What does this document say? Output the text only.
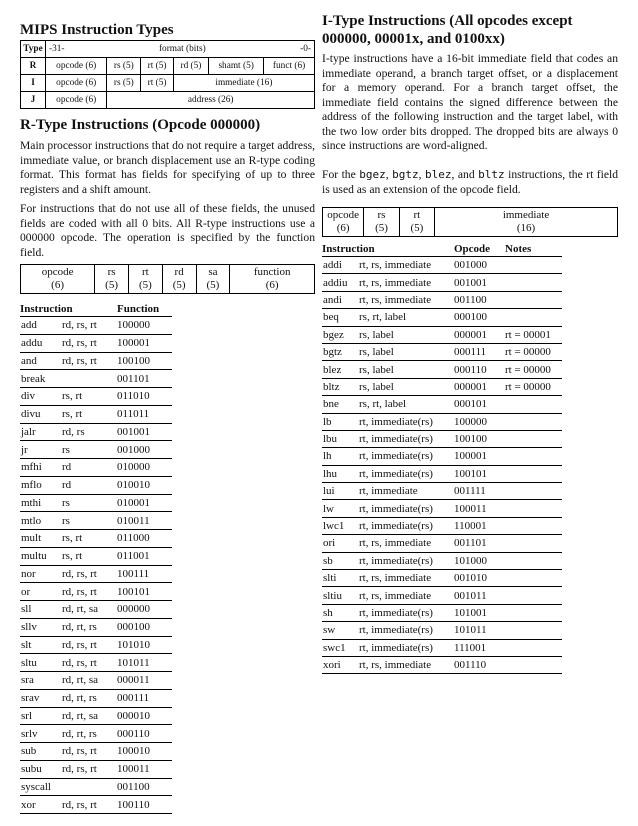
MIPS Instruction Types
Type	-31- format (bits) -0-					

R	opcode (6)	rs (5)	rt (5)	rd (5)	shamt (5)	funct (6)
I	opcode (6)	rs (5)	rt (5)	immediate (16)		
J	opcode (6)	address (26)				
R-Type Instructions (Opcode 000000)

Main processor instructions that do not require a target address, immediate value, or branch displacement use an R-type coding format. This format has fields for specifying of up to three registers and a shift amount.

For instructions that do not use all of these fields, the unused fields are coded with all 0 bits. All R-type instructions use a 000000 opcode. The operation is specified by the function field.

opcode
(6)

rs
(5)

rt
(5)

rd
(5)

sa
(5)

function
(6)
Instruction		Function
add	rd, rs, rt	100000
addu	rd, rs, rt	100001
and	rd, rs, rt	100100
break		001101
div	rs, rt	011010
divu	rs, rt	011011
jalr	rd, rs	001001
jr	rs	001000
mfhi	rd	010000
mflo	rd	010010
mthi	rs	010001
mtlo	rs	010011
mult	rs, rt	011000
multu	rs, rt	011001
nor	rd, rs, rt	100111
or	rd, rs, rt	100101
sll	rd, rt, sa	000000
sllv	rd, rt, rs	000100
slt	rd, rs, rt	101010
sltu	rd, rs, rt	101011
sra	rd, rt, sa	000011
srav	rd, rt, rs	000111
srl	rd, rt, sa	000010
srlv	rd, rt, rs	000110
sub	rd, rs, rt	100010
subu	rd, rs, rt	100011
syscall		001100
xor	rd, rs, rt	100110
I-Type Instructions (All opcodes except
000000, 00001x, and 0100xx)

I-type instructions have a 16-bit immediate field that codes an immediate operand, a branch target offset, or a displacement for a memory operand. For a branch target offset, the immediate field contains the signed difference between the address of the following instruction and the target label, with the two low order bits dropped. The dropped bits are always 0 since instructions are word-aligned.

For the bgez, bgtz, blez, and bltz instructions, the rt field is used as an extension of the opcode field.

opcode
(6)

rs
(5)

rt
(5)

immediate
(16)
Instruction		Opcode	Notes
addi	rt, rs, immediate	001000	
addiu	rt, rs, immediate	001001	
andi	rt, rs, immediate	001100	
beq	rs, rt, label	000100	
bgez	rs, label	000001	rt = 00001
bgtz	rs, label	000111	rt = 00000
blez	rs, label	000110	rt = 00000
bltz	rs, label	000001	rt = 00000
bne	rs, rt, label	000101	
lb	rt, immediate(rs)	100000	
lbu	rt, immediate(rs)	100100	
lh	rt, immediate(rs)	100001	
lhu	rt, immediate(rs)	100101	
lui	rt, immediate	001111	
lw	rt, immediate(rs)	100011	
lwc1	rt, immediate(rs)	110001	
ori	rt, rs, immediate	001101	
sb	rt, immediate(rs)	101000	
slti	rt, rs, immediate	001010	
sltiu	rt, rs, immediate	001011	
sh	rt, immediate(rs)	101001	
sw	rt, immediate(rs)	101011	
swc1	rt, immediate(rs)	111001	
xori	rt, rs, immediate	001110	
